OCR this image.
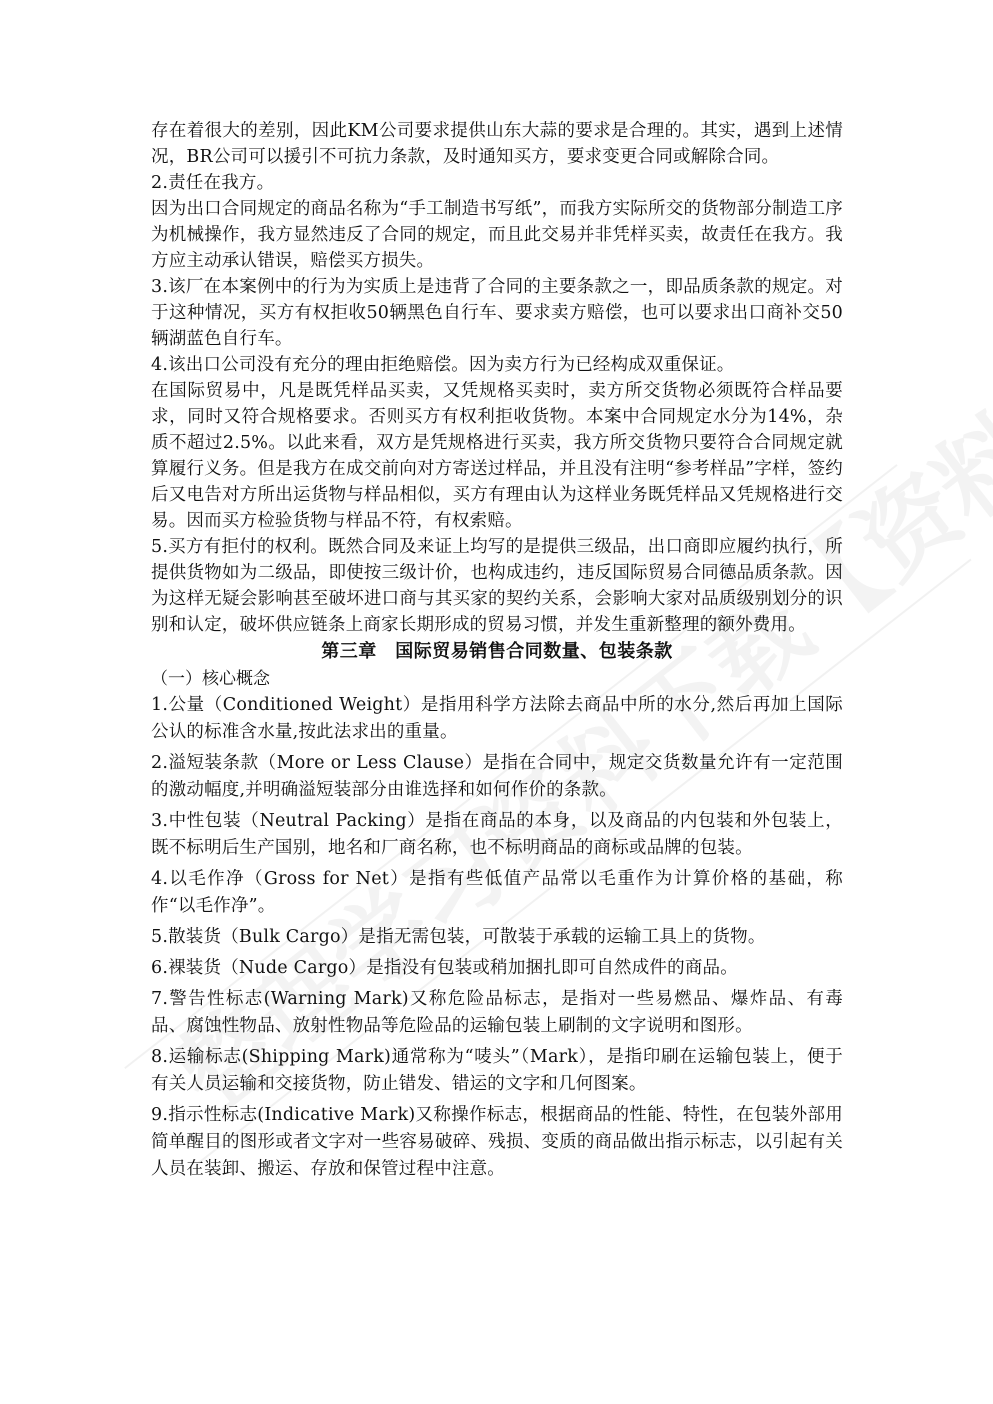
存在着很大的差别，因此KM公司要求提供山东大蒜的要求是合理的。其实，遇到上述情况，BR公司可以援引不可抗力条款，及时通知买方，要求变更合同或解除合同。

2.责任在我方。

因为出口合同规定的商品名称为“手工制造书写纸”，而我方实际所交的货物部分制造工序为机械操作，我方显然违反了合同的规定，而且此交易并非凭样买卖，故责任在我方。我方应主动承认错误，赔偿买方损失。

3.该厂在本案例中的行为为实质上是违背了合同的主要条款之一，即品质条款的规定。对于这种情况，买方有权拒收50辆黑色自行车、要求卖方赔偿，也可以要求出口商补交50辆湖蓝色自行车。

4.该出口公司没有充分的理由拒绝赔偿。因为卖方行为已经构成双重保证。

在国际贸易中，凡是既凭样品买卖，又凭规格买卖时，卖方所交货物必须既符合样品要求，同时又符合规格要求。否则买方有权利拒收货物。本案中合同规定水分为14%，杂质不超过2.5%。以此来看，双方是凭规格进行买卖，我方所交货物只要符合合同规定就算履行义务。但是我方在成交前向对方寄送过样品，并且没有注明“参考样品”字样，签约后又电告对方所出运货物与样品相似，买方有理由认为这样业务既凭样品又凭规格进行交易。因而买方检验货物与样品不符，有权索赔。

5.买方有拒付的权利。既然合同及来证上均写的是提供三级品，出口商即应履约执行，所提供货物如为二级品，即使按三级计价，也构成违约，违反国际贸易合同德品质条款。因为这样无疑会影响甚至破坏进口商与其买家的契约关系，会影响大家对品质级别划分的识别和认定，破坏供应链条上商家长期形成的贸易习惯，并发生重新整理的额外费用。

第三章　国际贸易销售合同数量、包装条款

（一）核心概念

1.公量（Conditioned Weight）是指用科学方法除去商品中所的水分,然后再加上国际公认的标准含水量,按此法求出的重量。

2.溢短装条款（More or Less Clause）是指在合同中，规定交货数量允许有一定范围的激动幅度,并明确溢短装部分由谁选择和如何作价的条款。

3.中性包装（Neutral Packing）是指在商品的本身，以及商品的内包装和外包装上，既不标明后生产国别，地名和厂商名称，也不标明商品的商标或品牌的包装。

4.以毛作净（Gross for Net）是指有些低值产品常以毛重作为计算价格的基础，称作“以毛作净”。

5.散装货（Bulk Cargo）是指无需包装，可散装于承载的运输工具上的货物。

6.裸装货（Nude Cargo）是指没有包装或稍加捆扎即可自然成件的商品。

7.警告性标志(Warning Mark)又称危险品标志，是指对一些易燃品、爆炸品、有毒品、腐蚀性物品、放射性物品等危险品的运输包装上刷制的文字说明和图形。

8.运输标志(Shipping Mark)通常称为“唛头”（Mark），是指印刷在运输包装上，便于有关人员运输和交接货物，防止错发、错运的文字和几何图案。

9.指示性标志(Indicative Mark)又称操作标志，根据商品的性能、特性，在包装外部用简单醒目的图形或者文字对一些容易破碎、残损、变质的商品做出指示标志，以引起有关人员在装卸、搬运、存放和保管过程中注意。
